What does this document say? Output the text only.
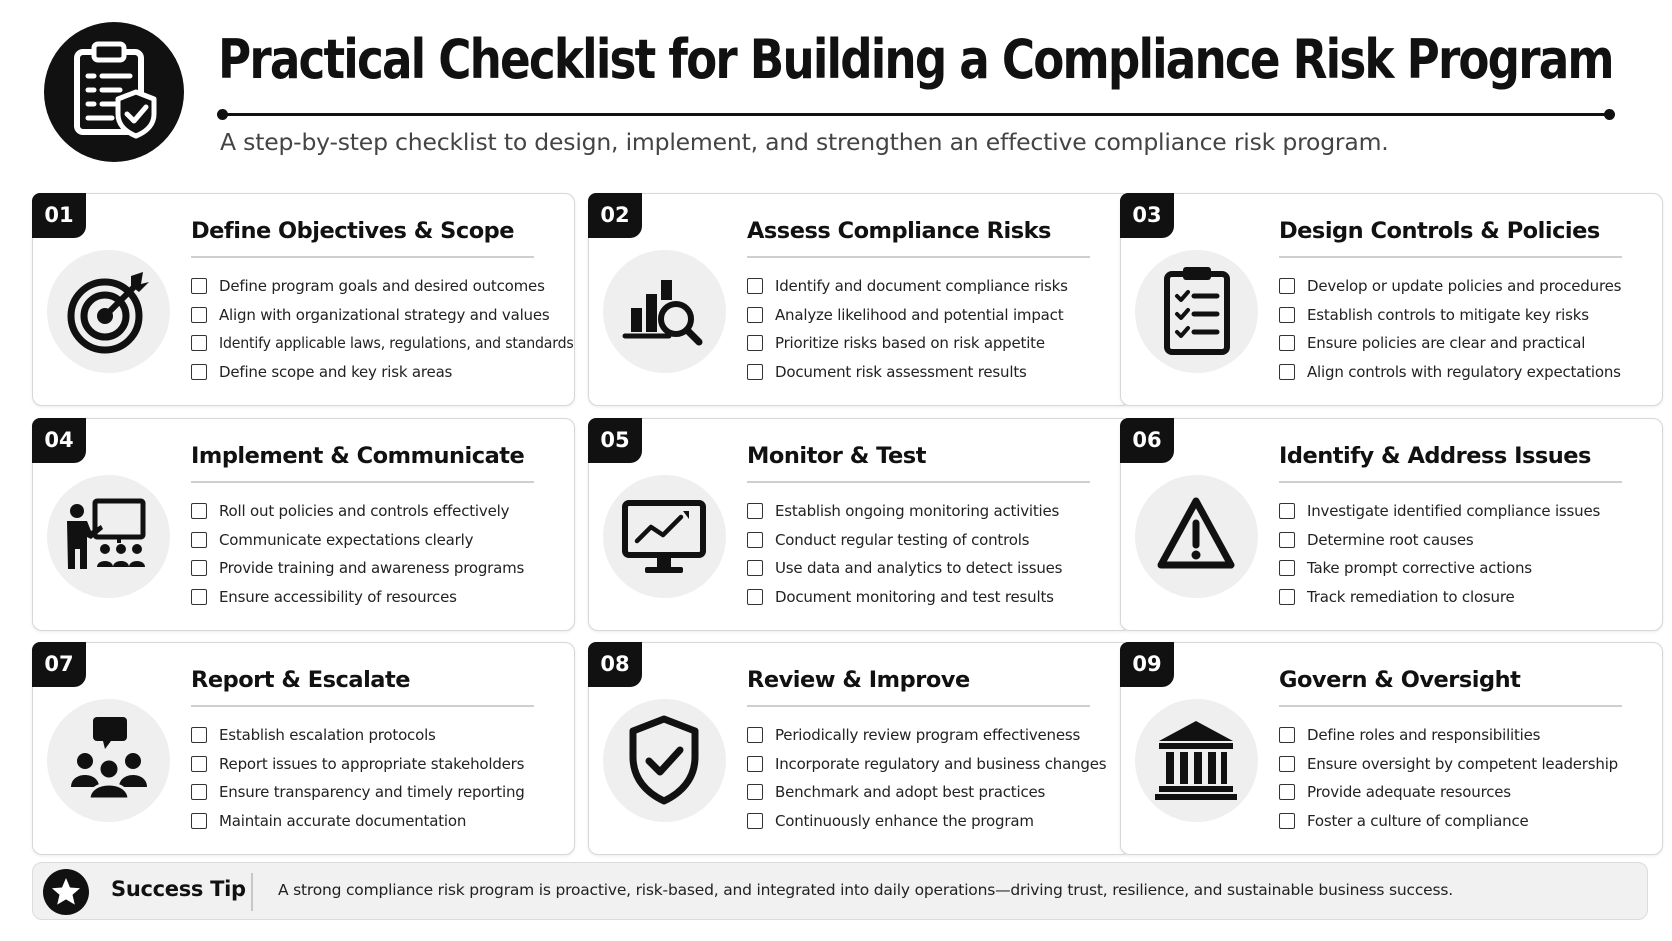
Practical Checklist for Building a Compliance Risk Program
A step-by-step checklist to design, implement, and strengthen an effective compliance risk program.
01
Define Objectives & Scope
Define program goals and desired outcomes
Align with organizational strategy and values
Identify applicable laws, regulations, and standards
Define scope and key risk areas
02
Assess Compliance Risks
Identify and document compliance risks
Analyze likelihood and potential impact
Prioritize risks based on risk appetite
Document risk assessment results
03
Design Controls & Policies
Develop or update policies and procedures
Establish controls to mitigate key risks
Ensure policies are clear and practical
Align controls with regulatory expectations
04
Implement & Communicate
Roll out policies and controls effectively
Communicate expectations clearly
Provide training and awareness programs
Ensure accessibility of resources
05
Monitor & Test
Establish ongoing monitoring activities
Conduct regular testing of controls
Use data and analytics to detect issues
Document monitoring and test results
06
Identify & Address Issues
Investigate identified compliance issues
Determine root causes
Take prompt corrective actions
Track remediation to closure
07
Report & Escalate
Establish escalation protocols
Report issues to appropriate stakeholders
Ensure transparency and timely reporting
Maintain accurate documentation
08
Review & Improve
Periodically review program effectiveness
Incorporate regulatory and business changes
Benchmark and adopt best practices
Continuously enhance the program
09
Govern & Oversight
Define roles and responsibilities
Ensure oversight by competent leadership
Provide adequate resources
Foster a culture of compliance
Success Tip A strong compliance risk program is proactive, risk-based, and integrated into daily operations—driving trust, resilience, and sustainable business success.
